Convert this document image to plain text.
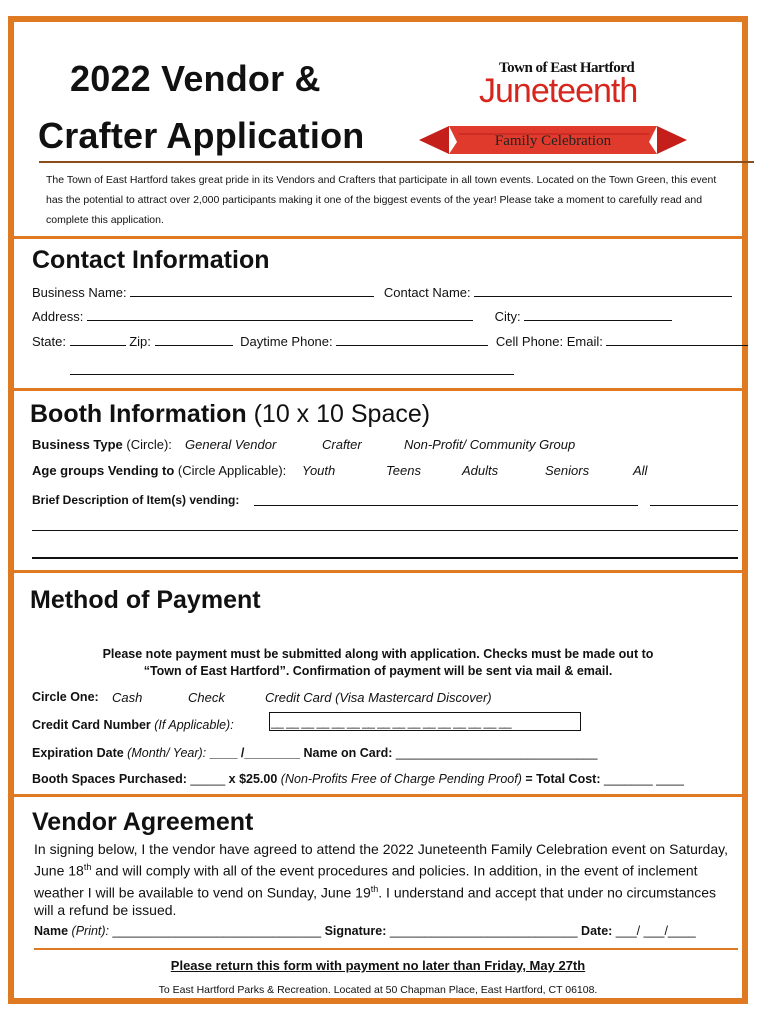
2022 Vendor &
Crafter Application
Town of East Hartford
Juneteenth
Family Celebration
The Town of East Hartford takes great pride in its Vendors and Crafters that participate in all town events. Located on the Town Green, this event has the potential to attract over 2,000 participants making it one of the biggest events of the year! Please take a moment to carefully read and complete this application.
Contact Information
Business Name:	Contact Name:
Address:	City:
State:	Zip:	Daytime Phone:	Cell Phone: Email:
Booth Information (10 x 10 Space)
Business Type (Circle): General Vendor	Crafter	Non-Profit/ Community Group
Age groups Vending to (Circle Applicable): Youth	Teens	Adults	Seniors	All
Brief Description of Item(s) vending:
Method of Payment
Please note payment must be submitted along with application. Checks must be made out to
“Town of East Hartford”. Confirmation of payment will be sent via mail & email.
Circle One: Cash	Check	Credit Card (Visa Mastercard Discover)
Credit Card Number (If Applicable):	__ __ __ __ __ __ __ __ __ __ __ __ __ __ __ __
Expiration Date (Month/ Year): ____ /________ Name on Card: _____________________________
Booth Spaces Purchased: _____ x $25.00 (Non-Profits Free of Charge Pending Proof) = Total Cost: _______ ____
Vendor Agreement
In signing below, I the vendor have agreed to attend the 2022 Juneteenth Family Celebration event on Saturday, June 18th and will comply with all of the event procedures and policies. In addition, in the event of inclement weather I will be available to vend on Sunday, June 19th. I understand and accept that under no circumstances will a refund be issued.
Name (Print): ______________________________ Signature: ___________________________ Date: ___/ ___/____
Please return this form with payment no later than Friday, May 27th
To East Hartford Parks & Recreation. Located at 50 Chapman Place, East Hartford, CT 06108.
